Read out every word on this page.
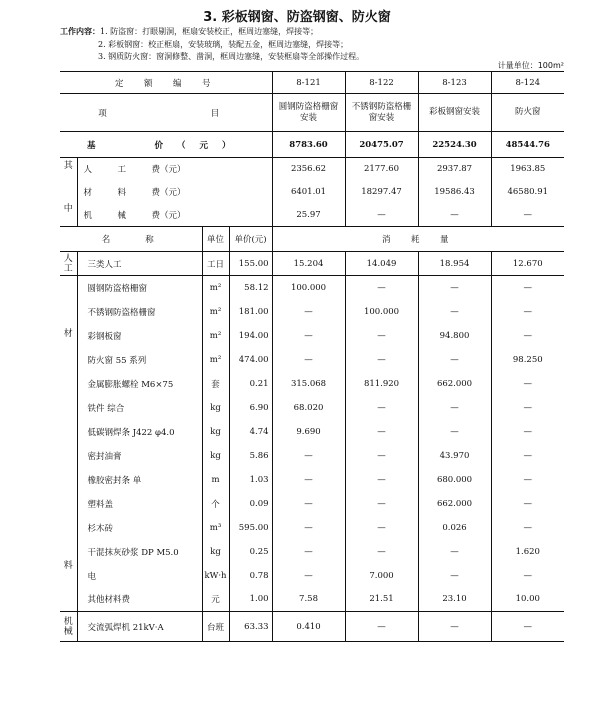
3. 彩板钢窗、防盗钢窗、防火窗
工作内容：1. 防盗窗：打眼剔洞，框扇安装校正，框周边塞缝，焊接等；
2. 彩板钢窗：校正框扇，安装玻璃，装配五金，框周边塞缝，焊接等；
3. 钢质防火窗：窗洞修整、凿洞，框周边塞缝，安装框扇等全部操作过程。
计量单位：100m²
定　额　编　号				8-121	8-122	8-123	8-124
项　　　　目				圆钢防盗格栅窗安装	不锈钢防盗格栅窗安装	彩板钢窗安装	防火窗
基　　价（元）				8783.60	20475.07	22524.30	48544.76

其
中	人　　　工　　　费（元）			2356.62	2177.60	2937.87	1963.85
	材　　　料　　　费（元）			6401.01	18297.47	19586.43	46580.91
	机　　　械　　　费（元）			25.97	—	—	—
名　　称		单位	单价(元)	消　耗　量			
人工	三类人工	工日	155.00	15.204	14.049	18.954	12.670

材
料	圆钢防盗格栅窗	m²	58.12	100.000	—	—	—
	不锈钢防盗格栅窗	m²	181.00	—	100.000	—	—
	彩钢板窗	m²	194.00	—	—	94.800	—
	防火窗 55 系列	m²	474.00	—	—	—	98.250
	金属膨胀螺栓 M6×75	套	0.21	315.068	811.920	662.000	—
	铁件 综合	kg	6.90	68.020	—	—	—
	低碳钢焊条 J422 φ4.0	kg	4.74	9.690	—	—	—
	密封油膏	kg	5.86	—	—	43.970	—
	橡胶密封条 单	m	1.03	—	—	680.000	—
	塑料盖	个	0.09	—	—	662.000	—
	杉木砖	m³	595.00	—	—	0.026	—
	干混抹灰砂浆 DP M5.0	kg	0.25	—	—	—	1.620
	电	kW·h	0.78	—	7.000	—	—
	其他材料费	元	1.00	7.58	21.51	23.10	10.00
机械	交流弧焊机 21kV·A	台班	63.33	0.410	—	—	—
